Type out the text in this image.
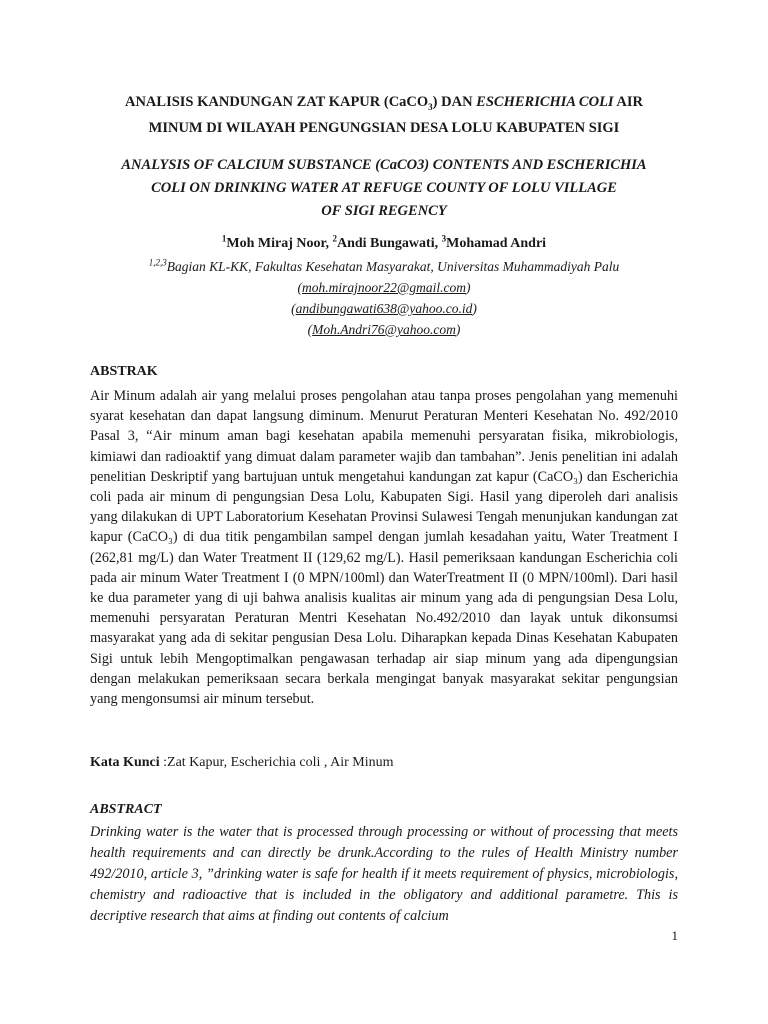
ANALISIS KANDUNGAN ZAT KAPUR (CaCO$_3$) DAN ESCHERICHIA COLI AIR
MINUM DI WILAYAH PENGUNGSIAN DESA LOLU KABUPATEN SIGI
ANALYSIS OF CALCIUM SUBSTANCE (CaCO3) CONTENTS AND ESCHERICHIA
COLI ON DRINKING WATER AT REFUGE COUNTY OF LOLU VILLAGE
OF SIGI REGENCY
$^1$Moh Miraj Noor, $^2$Andi Bungawati, $^3$Mohamad Andri
$^{1,2,3}$Bagian KL-KK, Fakultas Kesehatan Masyarakat, Universitas Muhammadiyah Palu
(moh.mirajnoor22@gmail.com)
(andibungawati638@yahoo.co.id)
(Moh.Andri76@yahoo.com)
ABSTRAK
Air Minum adalah air yang melalui proses pengolahan atau tanpa proses pengolahan yang memenuhi syarat kesehatan dan dapat langsung diminum. Menurut Peraturan Menteri Kesehatan No. 492/2010 Pasal 3, “Air minum aman bagi kesehatan apabila memenuhi persyaratan fisika, mikrobiologis, kimiawi dan radioaktif yang dimuat dalam parameter wajib dan tambahan”. Jenis penelitian ini adalah penelitian Deskriptif yang bartujuan untuk mengetahui kandungan zat kapur (CaCO₃) dan Escherichia coli pada air minum di pengungsian Desa Lolu, Kabupaten Sigi. Hasil yang diperoleh dari analisis yang dilakukan di UPT Laboratorium Kesehatan Provinsi Sulawesi Tengah menunjukan kandungan zat kapur (CaCO₃) di dua titik pengambilan sampel dengan jumlah kesadahan yaitu, Water Treatment I (262,81 mg/L) dan Water Treatment II (129,62 mg/L). Hasil pemeriksaan kandungan Escherichia coli pada air minum Water Treatment I (0 MPN/100ml) dan WaterTreatment II (0 MPN/100ml). Dari hasil ke dua parameter yang di uji bahwa analisis kualitas air minum yang ada di pengungsian Desa Lolu, memenuhi persyaratan Peraturan Mentri Kesehatan No.492/2010 dan layak untuk dikonsumsi masyarakat yang ada di sekitar pengusian Desa Lolu. Diharapkan kepada Dinas Kesehatan Kabupaten Sigi untuk lebih Mengoptimalkan pengawasan terhadap air siap minum yang ada dipengungsian dengan melakukan pemeriksaan secara berkala mengingat banyak masyarakat sekitar pengungsian yang mengonsumsi air minum tersebut.
Kata Kunci :Zat Kapur, Escherichia coli , Air Minum
ABSTRACT
Drinking water is the water that is processed through processing or without of processing that meets health requirements and can directly be drunk.According to the rules of Health Ministry number 492/2010, article 3, ”drinking water is safe for health if it meets requirement of physics, microbiologis, chemistry and radioactive that is included in the obligatory and additional parametre. This is decriptive research that aims at finding out contents of calcium
1
